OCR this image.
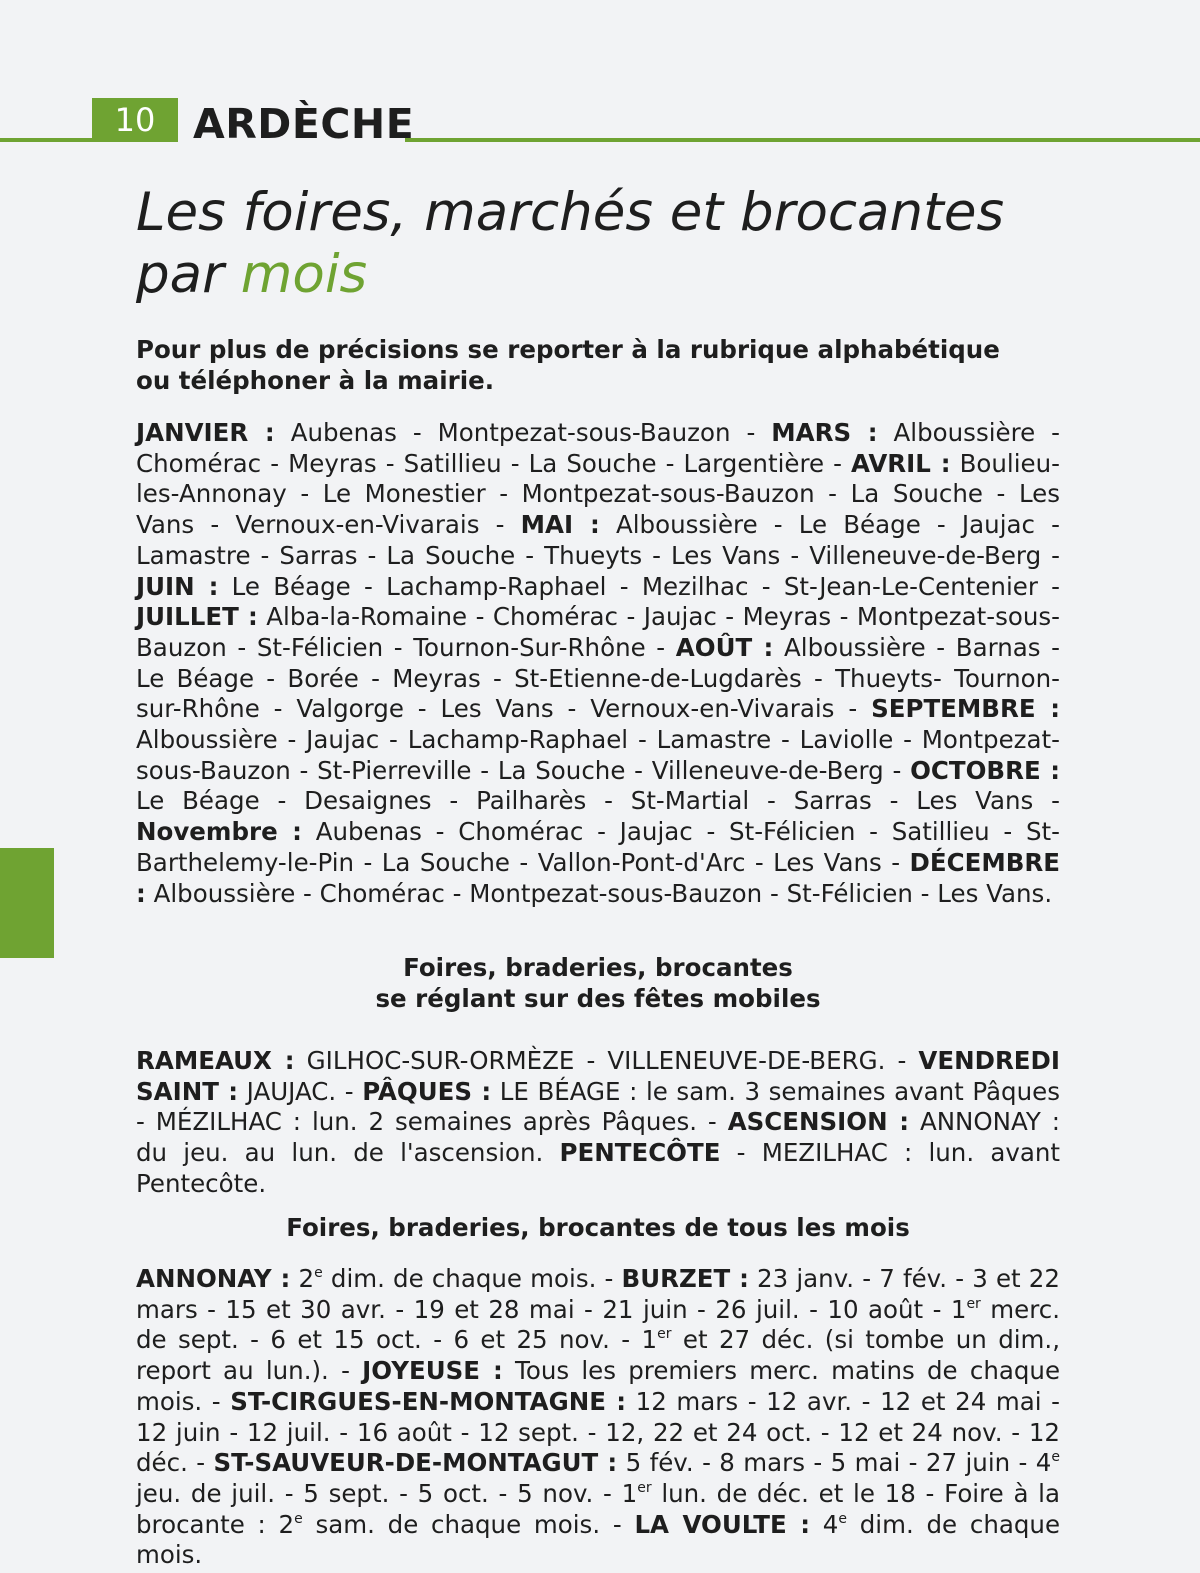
10 ARDÈCHE
Les foires, marchés et brocantes
par mois

Pour plus de précisions se reporter à la rubrique alphabétique ou téléphoner à la mairie.

JANVIER : Aubenas - Montpezat-sous-Bauzon - MARS : Alboussière - Chomérac - Meyras - Satillieu - La Souche - Largentière - AVRIL : Boulieu-les-Annonay - Le Monestier - Montpezat-sous-Bauzon - La Souche - Les Vans - Vernoux-en-Vivarais - MAI : Alboussière - Le Béage - Jaujac - Lamastre - Sarras - La Souche - Thueyts - Les Vans - Villeneuve-de-Berg - JUIN : Le Béage - Lachamp-Raphael - Mezilhac - St-Jean-Le-Centenier - JUILLET : Alba-la-Romaine - Chomérac - Jaujac - Meyras - Montpezat-sous-Bauzon - St-Félicien - Tournon-Sur-Rhône - AOÛT : Alboussière - Barnas - Le Béage - Borée - Meyras - St-Etienne-de-Lugdarès - Thueyts- Tournon-sur-Rhône - Valgorge - Les Vans - Vernoux-en-Vivarais - SEPTEMBRE : Alboussière - Jaujac - Lachamp-Raphael - Lamastre - Laviolle - Montpezat-sous-Bauzon - St-Pierreville - La Souche - Villeneuve-de-Berg - OCTOBRE : Le Béage - Desaignes - Pailharès - St-Martial - Sarras - Les Vans - Novembre : Aubenas - Chomérac - Jaujac - St-Félicien - Satillieu - St-Barthelemy-le-Pin - La Souche - Vallon-Pont-d'Arc - Les Vans - DÉCEMBRE : Alboussière - Chomérac - Montpezat-sous-Bauzon - St-Félicien - Les Vans.

Foires, braderies, brocantes
se réglant sur des fêtes mobiles

RAMEAUX : GILHOC-SUR-ORMÈZE - VILLENEUVE-DE-BERG. - VENDREDI SAINT : JAUJAC. - PÂQUES : LE BÉAGE : le sam. 3 semaines avant Pâques - MÉZILHAC : lun. 2 semaines après Pâques. - ASCENSION : ANNONAY : du jeu. au lun. de l'ascension. PENTECÔTE - MEZILHAC : lun. avant Pentecôte.

Foires, braderies, brocantes de tous les mois

ANNONAY : 2e dim. de chaque mois. - BURZET : 23 janv. - 7 fév. - 3 et 22 mars - 15 et 30 avr. - 19 et 28 mai - 21 juin - 26 juil. - 10 août - 1er merc. de sept. - 6 et 15 oct. - 6 et 25 nov. - 1er et 27 déc. (si tombe un dim., report au lun.). - JOYEUSE : Tous les premiers merc. matins de chaque mois. - ST-CIRGUES-EN-MONTAGNE : 12 mars - 12 avr. - 12 et 24 mai - 12 juin - 12 juil. - 16 août - 12 sept. - 12, 22 et 24 oct. - 12 et 24 nov. - 12 déc. - ST-SAUVEUR-DE-MONTAGUT : 5 fév. - 8 mars - 5 mai - 27 juin - 4e jeu. de juil. - 5 sept. - 5 oct. - 5 nov. - 1er lun. de déc. et le 18 - Foire à la brocante : 2e sam. de chaque mois. - LA VOULTE : 4e dim. de chaque mois.
